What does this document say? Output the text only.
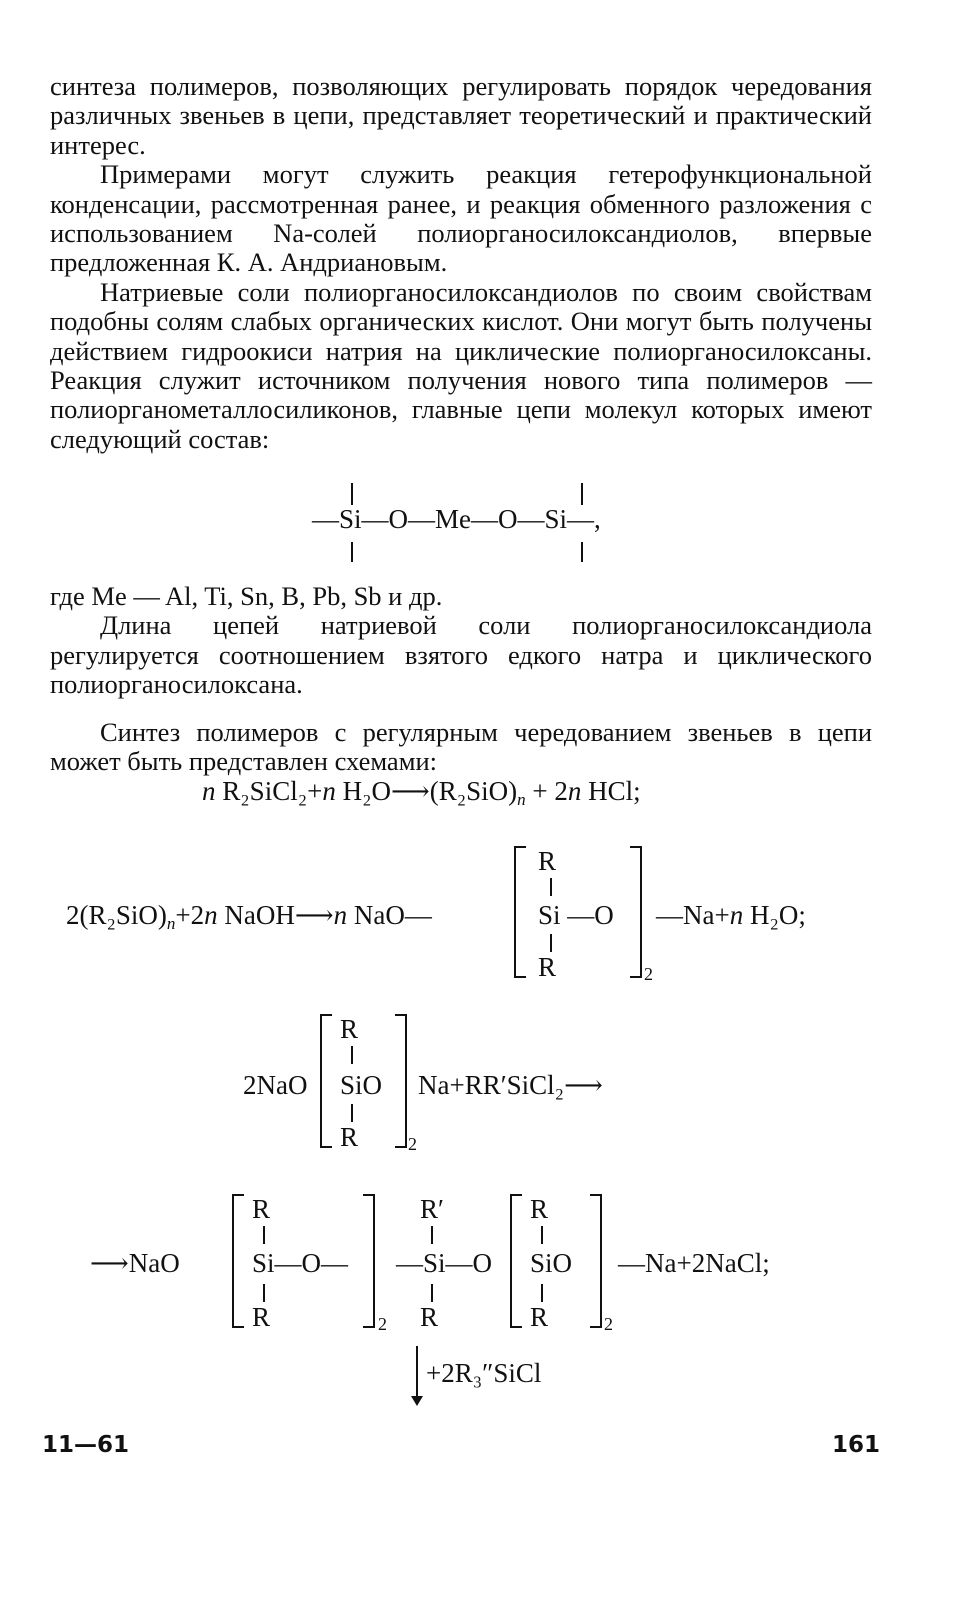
синтеза полимеров, позволяющих регулировать порядок чередования различных звеньев в цепи, представляет теоретический и практический интерес.

Примерами могут служить реакция гетерофункциональной конденсации, рассмотренная ранее, и реакция обменного разложения с использованием Na-солей полиорганосилоксандиолов, впервые предложенная К. А. Андриановым.

Натриевые соли полиорганосилоксандиолов по своим свойствам подобны солям слабых органических кислот. Они могут быть получены действием гидроокиси натрия на циклические полиорганосилоксаны. Реакция служит источником получения нового типа полимеров — полиорганометаллосиликонов, главные цепи молекул которых имеют следующий состав:

—Si—O—Me—O—Si—,

где Me — Al, Ti, Sn, B, Pb, Sb и др.

Длина цепей натриевой соли полиорганосилоксандиола регулируется соотношением взятого едкого натра и циклического полиорганосилоксана.

Синтез полимеров с регулярным чередованием звеньев в цепи может быть представлен схемами:

n R₂SiCl₂+n $H_2O⟶(R_2SiO)_n + 2n$ HCl;
$2(R_2SiO)_n+2n$ NaOH⟶n NaO—
R
Si —O
R	2
—Na+n H₂O;
2NaO
R
SiO
R	2
Na+RR′SiCl₂⟶
⟶NaO
R
Si—O—
R	2
R′
—Si—O
R
R
SiO
R	2
—Na+2NaCl;
+2R₃″SiCl
11—61	161
